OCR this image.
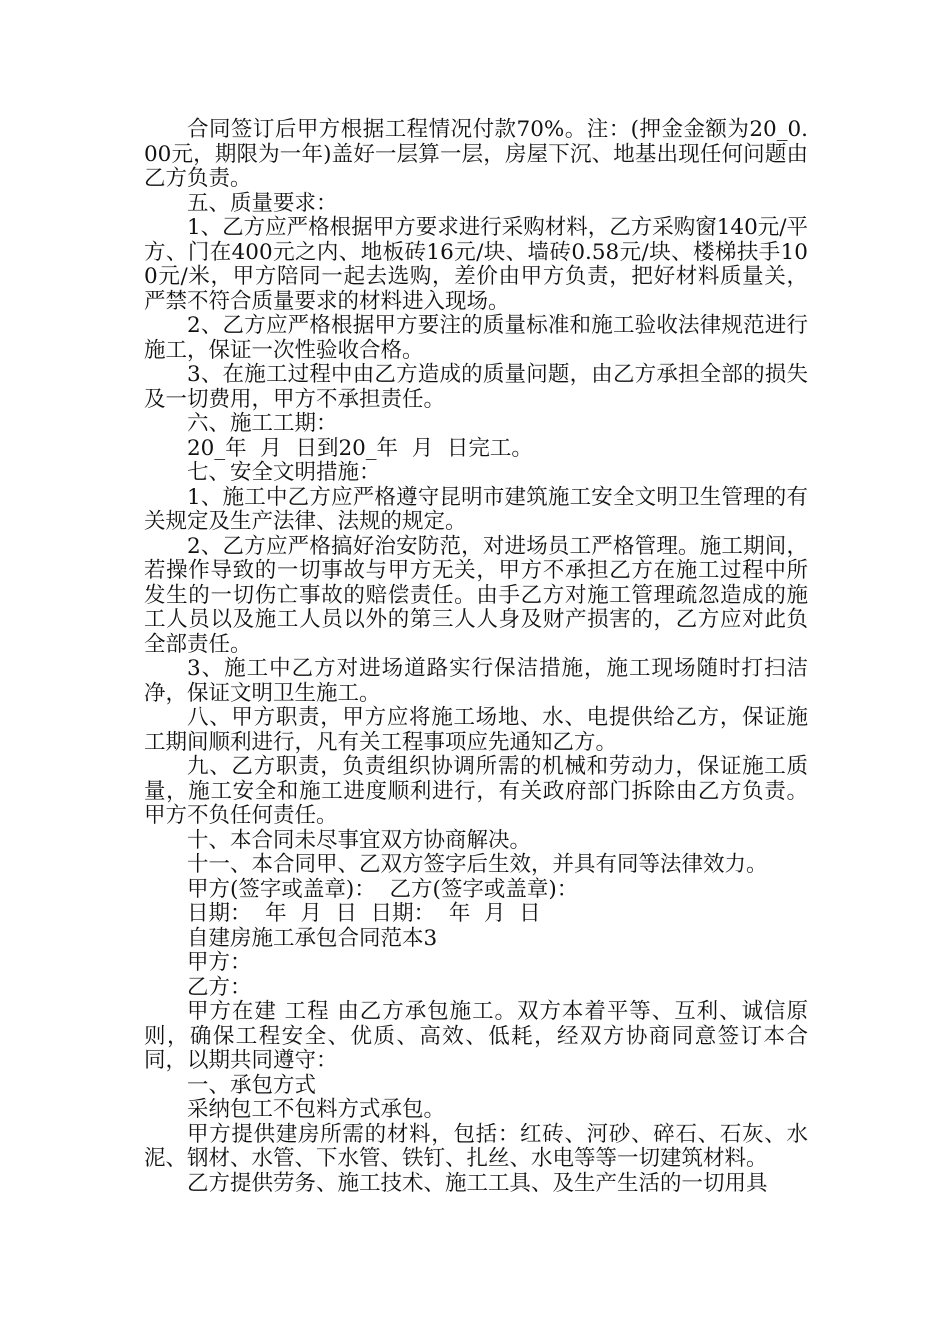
合同签订后甲方根据工程情况付款70%。注：(押金金额为20_0.00元，期限为一年)盖好一层算一层，房屋下沉、地基出现任何问题由乙方负责。

五、质量要求：

1、乙方应严格根据甲方要求进行采购材料，乙方采购窗140元/平方、门在400元之内、地板砖16元/块、墙砖0.58元/块、楼梯扶手100元/米，甲方陪同一起去选购，差价由甲方负责，把好材料质量关，严禁不符合质量要求的材料进入现场。

2、乙方应严格根据甲方要注的质量标准和施工验收法律规范进行施工，保证一次性验收合格。

3、在施工过程中由乙方造成的质量问题，由乙方承担全部的损失及一切费用，甲方不承担责任。

六、施工工期：

20_年  月  日到20_年  月  日完工。

七、安全文明措施：

1、施工中乙方应严格遵守昆明市建筑施工安全文明卫生管理的有关规定及生产法律、法规的规定。

2、乙方应严格搞好治安防范，对进场员工严格管理。施工期间，若操作导致的一切事故与甲方无关，甲方不承担乙方在施工过程中所发生的一切伤亡事故的赔偿责任。由手乙方对施工管理疏忽造成的施工人员以及施工人员以外的第三人人身及财产损害的，乙方应对此负全部责任。

3、施工中乙方对进场道路实行保洁措施，施工现场随时打扫洁净，保证文明卫生施工。

八、甲方职责，甲方应将施工场地、水、电提供给乙方，保证施工期间顺利进行，凡有关工程事项应先通知乙方。

九、乙方职责，负责组织协调所需的机械和劳动力，保证施工质量，施工安全和施工进度顺利进行，有关政府部门拆除由乙方负责。甲方不负任何责任。

十、本合同未尽事宜双方协商解决。

十一、本合同甲、乙双方签字后生效，并具有同等法律效力。

甲方(签字或盖章)：  乙方(签字或盖章)：

日期：  年  月  日  日期：  年  月  日

自建房施工承包合同范本3

甲方：

乙方：

甲方在建 工程 由乙方承包施工。双方本着平等、互利、诚信原则，确保工程安全、优质、高效、低耗，经双方协商同意签订本合同，以期共同遵守：

一、承包方式

采纳包工不包料方式承包。

甲方提供建房所需的材料，包括：红砖、河砂、碎石、石灰、水泥、钢材、水管、下水管、铁钉、扎丝、水电等等一切建筑材料。

乙方提供劳务、施工技术、施工工具、及生产生活的一切用具
